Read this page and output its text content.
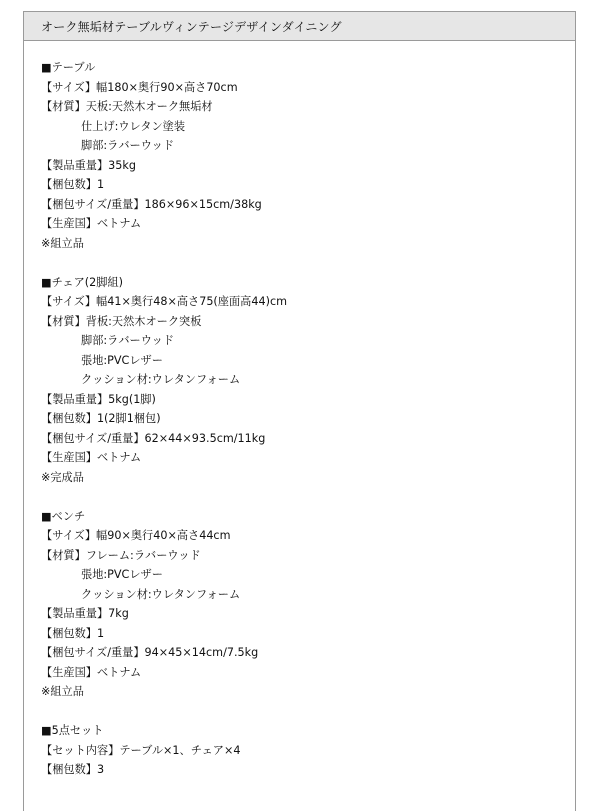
オーク無垢材テーブルヴィンテージデザインダイニング
■テーブル
【サイズ】幅180×奥行90×高さ70cm
【材質】天板:天然木オーク無垢材
仕上げ:ウレタン塗装
脚部:ラバーウッド
【製品重量】35kg
【梱包数】1
【梱包サイズ/重量】186×96×15cm/38kg
【生産国】ベトナム
※組立品
■チェア(2脚組)
【サイズ】幅41×奥行48×高さ75(座面高44)cm
【材質】背板:天然木オーク突板
脚部:ラバーウッド
張地:PVCレザー
クッション材:ウレタンフォーム
【製品重量】5kg(1脚)
【梱包数】1(2脚1梱包)
【梱包サイズ/重量】62×44×93.5cm/11kg
【生産国】ベトナム
※完成品
■ベンチ
【サイズ】幅90×奥行40×高さ44cm
【材質】フレーム:ラバーウッド
張地:PVCレザー
クッション材:ウレタンフォーム
【製品重量】7kg
【梱包数】1
【梱包サイズ/重量】94×45×14cm/7.5kg
【生産国】ベトナム
※組立品
■5点セット
【セット内容】テーブル×1、チェア×4
【梱包数】3
